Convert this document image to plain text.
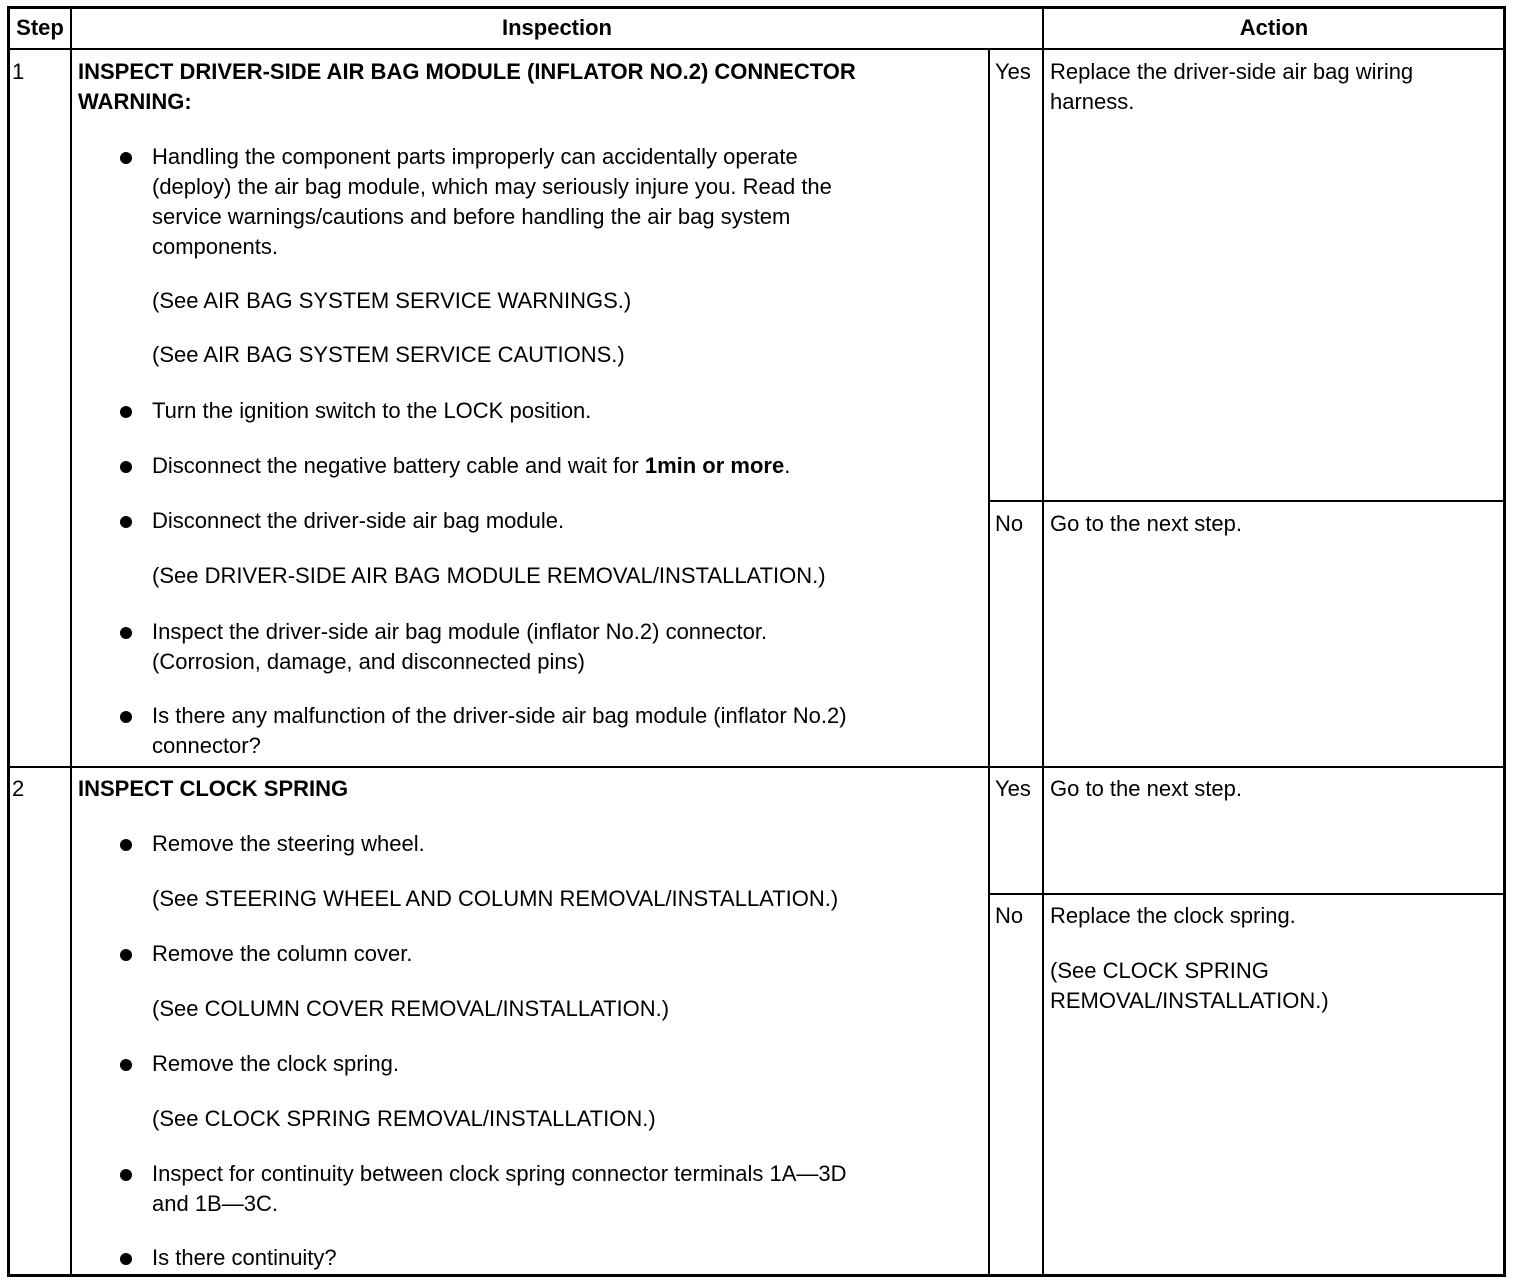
Step	Inspection	Action
1 INSPECT DRIVER-SIDE AIR BAG MODULE (INFLATOR NO.2) CONNECTOR
WARNING:
Handling the component parts improperly can accidentally operate
(deploy) the air bag module, which may seriously injure you. Read the
service warnings/cautions and before handling the air bag system
components.
(See AIR BAG SYSTEM SERVICE WARNINGS.)
(See AIR BAG SYSTEM SERVICE CAUTIONS.)
Turn the ignition switch to the LOCK position.
Disconnect the negative battery cable and wait for 1min or more.
Disconnect the driver-side air bag module.
(See DRIVER-SIDE AIR BAG MODULE REMOVAL/INSTALLATION.)
Inspect the driver-side air bag module (inflator No.2) connector.
(Corrosion, damage, and disconnected pins)
Is there any malfunction of the driver-side air bag module (inflator No.2)
connector?
Yes Replace the driver-side air bag wiring
harness.
No Go to the next step.
2 INSPECT CLOCK SPRING
Remove the steering wheel.
(See STEERING WHEEL AND COLUMN REMOVAL/INSTALLATION.)
Remove the column cover.
(See COLUMN COVER REMOVAL/INSTALLATION.)
Remove the clock spring.
(See CLOCK SPRING REMOVAL/INSTALLATION.)
Inspect for continuity between clock spring connector terminals 1A—3D
and 1B—3C.
Is there continuity?
Yes Go to the next step.
No Replace the clock spring.
(See CLOCK SPRING
REMOVAL/INSTALLATION.)
